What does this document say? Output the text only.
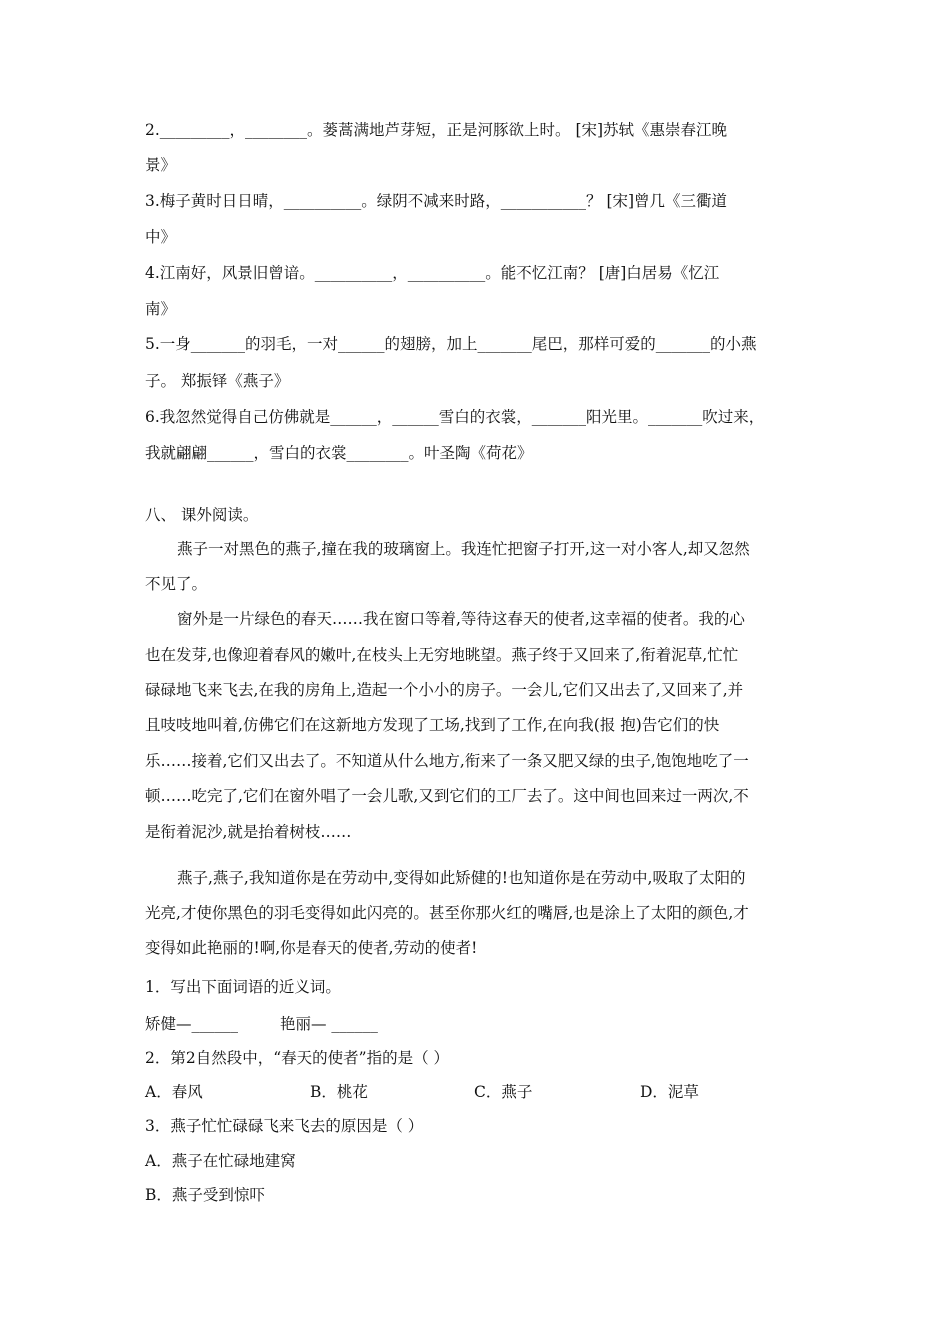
2._________，________。蒌蒿满地芦芽短，正是河豚欲上时。 [宋]苏轼《惠崇春江晚
景》
3.梅子黄时日日晴，__________。绿阴不减来时路，___________？ [宋]曾几《三衢道
中》
4.江南好，风景旧曾谙。__________，__________。能不忆江南？ [唐]白居易《忆江
南》
5.一身_______的羽毛，一对______的翅膀，加上_______尾巴，那样可爱的_______的小燕
子。 郑振铎《燕子》
6.我忽然觉得自己仿佛就是______，______雪白的衣裳，_______阳光里。_______吹过来，
我就翩翩______，雪白的衣裳________。叶圣陶《荷花》
八、 课外阅读。
燕子一对黑色的燕子,撞在我的玻璃窗上。我连忙把窗子打开,这一对小客人,却又忽然
不见了。
窗外是一片绿色的春天……我在窗口等着,等待这春天的使者,这幸福的使者。我的心
也在发芽,也像迎着春风的嫩叶,在枝头上无穷地眺望。燕子终于又回来了,衔着泥草,忙忙
碌碌地飞来飞去,在我的房角上,造起一个小小的房子。一会儿,它们又出去了,又回来了,并
且吱吱地叫着,仿佛它们在这新地方发现了工场,找到了工作,在向我(报 抱)告它们的快
乐……接着,它们又出去了。不知道从什么地方,衔来了一条又肥又绿的虫子,饱饱地吃了一
顿……吃完了,它们在窗外唱了一会儿歌,又到它们的工厂去了。这中间也回来过一两次,不
是衔着泥沙,就是抬着树枝……
燕子,燕子,我知道你是在劳动中,变得如此矫健的!也知道你是在劳动中,吸取了太阳的
光亮,才使你黑色的羽毛变得如此闪亮的。甚至你那火红的嘴唇,也是涂上了太阳的颜色,才
变得如此艳丽的!啊,你是春天的使者,劳动的使者!
1．写出下面词语的近义词。
矫健—______	艳丽— ______
2．第2自然段中，“春天的使者”指的是（ ）
A．春风	B．桃花	C．燕子	D．泥草
3．燕子忙忙碌碌飞来飞去的原因是（ ）
A．燕子在忙碌地建窝
B．燕子受到惊吓
